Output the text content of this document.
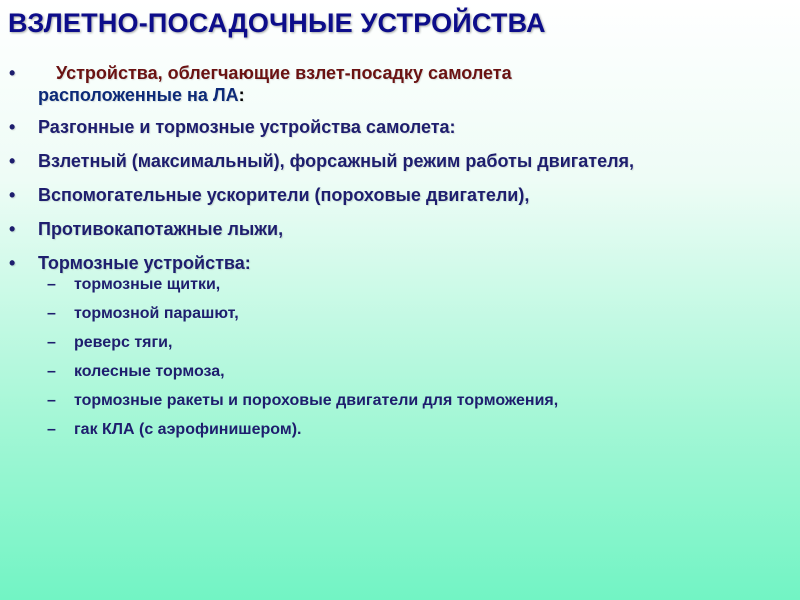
ВЗЛЕТНО-ПОСАДОЧНЫЕ УСТРОЙСТВА
•	Устройства, облегчающие взлет-посадку самолета
расположенные на ЛА:
• Разгонные и тормозные устройства самолета:
• Взлетный (максимальный), форсажный режим работы двигателя,
• Вспомогательные ускорители (пороховые двигатели),
• Противокапотажные лыжи,
• Тормозные устройства:
– тормозные щитки,
– тормозной парашют,
– реверс тяги,
– колесные тормоза,
– тормозные ракеты и пороховые двигатели для торможения,
– гак КЛА (с аэрофинишером).
